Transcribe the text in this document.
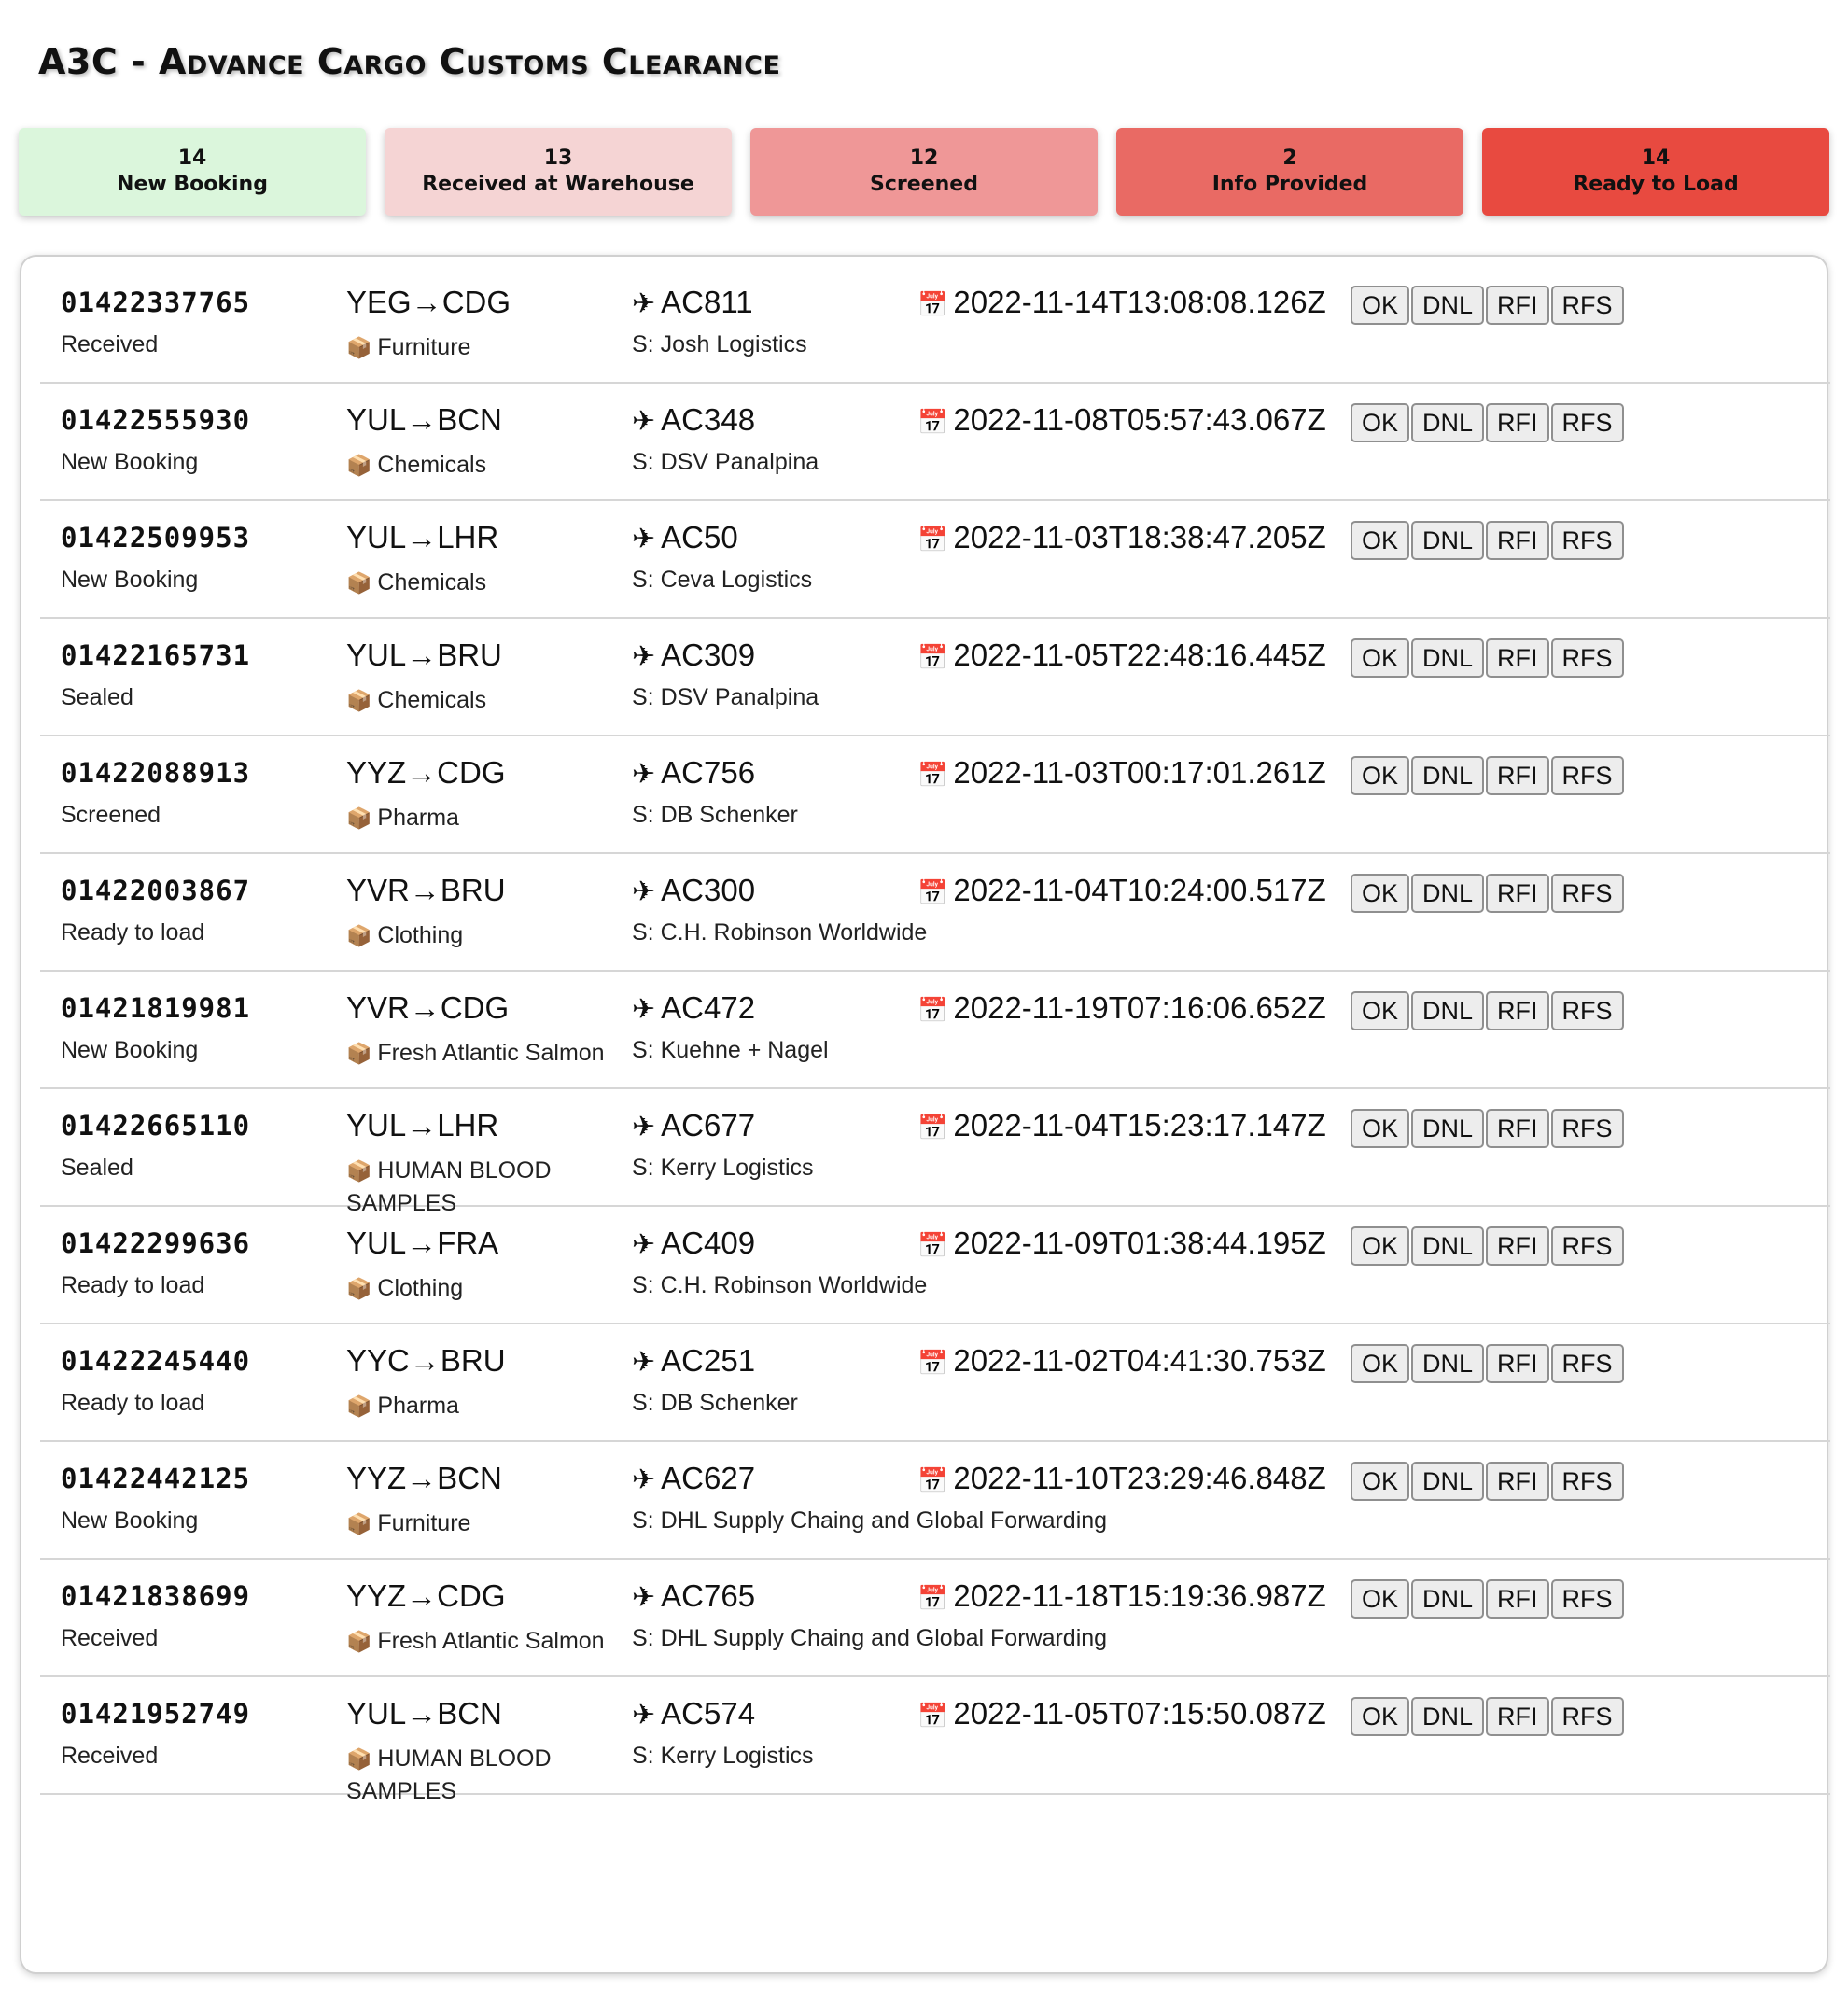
A3C - Advance Cargo Customs Clearance
14
New Booking
13
Received at Warehouse
12
Screened
2
Info Provided
14
Ready to Load
01422337765
Received
YEG→CDG
📦 Furniture
✈ AC811
S: Josh Logistics
📅 2022-11-14T13:08:08.126Z	OK DNL RFI RFS
01422555930
New Booking
YUL→BCN
📦 Chemicals
✈ AC348
S: DSV Panalpina
📅 2022-11-08T05:57:43.067Z	OK DNL RFI RFS
01422509953
New Booking
YUL→LHR
📦 Chemicals
✈ AC50
S: Ceva Logistics
📅 2022-11-03T18:38:47.205Z	OK DNL RFI RFS
01422165731
Sealed
YUL→BRU
📦 Chemicals
✈ AC309
S: DSV Panalpina
📅 2022-11-05T22:48:16.445Z	OK DNL RFI RFS
01422088913
Screened
YYZ→CDG
📦 Pharma
✈ AC756
S: DB Schenker
📅 2022-11-03T00:17:01.261Z	OK DNL RFI RFS
01422003867
Ready to load
YVR→BRU
📦 Clothing
✈ AC300
S: C.H. Robinson Worldwide
📅 2022-11-04T10:24:00.517Z	OK DNL RFI RFS
01421819981
New Booking
YVR→CDG
📦 Fresh Atlantic Salmon
✈ AC472
S: Kuehne + Nagel
📅 2022-11-19T07:16:06.652Z	OK DNL RFI RFS
01422665110
Sealed
YUL→LHR
📦 HUMAN BLOOD SAMPLES
✈ AC677
S: Kerry Logistics
📅 2022-11-04T15:23:17.147Z	OK DNL RFI RFS
01422299636
Ready to load
YUL→FRA
📦 Clothing
✈ AC409
S: C.H. Robinson Worldwide
📅 2022-11-09T01:38:44.195Z	OK DNL RFI RFS
01422245440
Ready to load
YYC→BRU
📦 Pharma
✈ AC251
S: DB Schenker
📅 2022-11-02T04:41:30.753Z	OK DNL RFI RFS
01422442125
New Booking
YYZ→BCN
📦 Furniture
✈ AC627
S: DHL Supply Chaing and Global Forwarding
📅 2022-11-10T23:29:46.848Z	OK DNL RFI RFS
01421838699
Received
YYZ→CDG
📦 Fresh Atlantic Salmon
✈ AC765
S: DHL Supply Chaing and Global Forwarding
📅 2022-11-18T15:19:36.987Z	OK DNL RFI RFS
01421952749
Received
YUL→BCN
📦 HUMAN BLOOD SAMPLES
✈ AC574
S: Kerry Logistics
📅 2022-11-05T07:15:50.087Z	OK DNL RFI RFS
